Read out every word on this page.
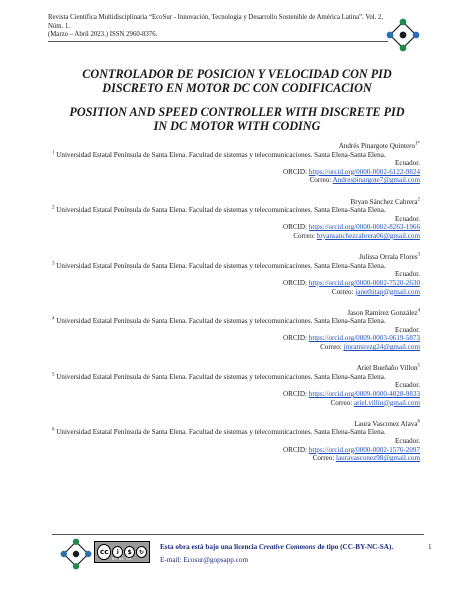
Revista Científica Multidisciplinaria “EcoSur - Innovación, Tecnología y Desarrollo Sostenible de América Latina”. Vol. 2, Núm. 1.
(Marzo – Abril 2023.) ISSN 2960-8376.
CONTROLADOR DE POSICION Y VELOCIDAD CON PID
DISCRETO EN MOTOR DC CON CODIFICACION
POSITION AND SPEED CONTROLLER WITH DISCRETE PID
IN DC MOTOR WITH CODING
Andrés Pinargote Quintero$^{1*}$
$^1$ Universidad Estatal Península de Santa Elena. Facultad de sistemas y telecomunicaciones. Santa Elena-Santa Elena.
Ecuador.
ORCID: https://orcid.org/0000-0002-6122-9824
Correo: Andrespinargote7@gmail.com
Bryan Sánchez Cabrera$^2$
$^2$ Universidad Estatal Península de Santa Elena. Facultad de sistemas y telecomunicaciones. Santa Elena-Santa Elena.
Ecuador.
ORCID: https://orcid.org/0000-0002-8263-1966
Correo: bryansanchezcabrera06@gmail.com
Julissa Orrala Flores$^3$
$^3$ Universidad Estatal Península de Santa Elena. Facultad de sistemas y telecomunicaciones. Santa Elena-Santa Elena.
Ecuador.
ORCID: https://orcid.org/0000-0002-7520-2630
Correo: janethitap@gmail.com
Jason Ramírez González$^4$
$^4$ Universidad Estatal Península de Santa Elena. Facultad de sistemas y telecomunicaciones. Santa Elena-Santa Elena.
Ecuador.
ORCID: https://orcid.org/0009-0003-0619-5873
Correo: jmramirezg24@gmail.com
Ariel Bueñaño Villon$^5$
$^5$ Universidad Estatal Península de Santa Elena. Facultad de sistemas y telecomunicaciones. Santa Elena-Santa Elena.
Ecuador.
ORCID: https://orcid.org/0009-0000-4828-9833
Correo: ariel.villin@gmail.com
Laura Vasconez Alava$^6$
$^6$ Universidad Estatal Península de Santa Elena. Facultad de sistemas y telecomunicaciones. Santa Elena-Santa Elena.
Ecuador.
ORCID: https://orcid.org/0000-0002-1576-2097
Correo: lauravasconez98@gmail.com
cc	i	$	↻
BY NC SA
Esta obra está bajo una licencia Creative Commons de tipo (CC-BY-NC-SA).
E-mail: Ecosur@gopsapp.com
1
